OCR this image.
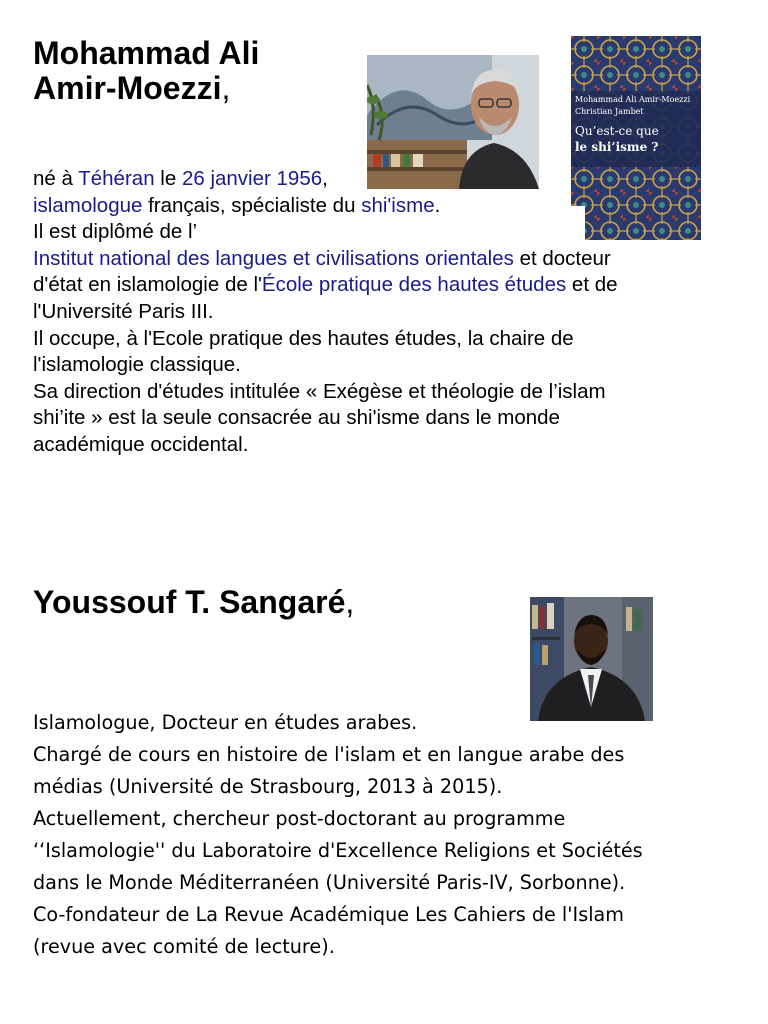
Mohammad Ali
Amir-Moezzi,	Mohammad Ali Amir-Moezzi
Christian Jambet
Qu’est-ce que
le shi’isme ?

né à Téhéran le 26 janvier 1956,

islamologue français, spécialiste du shi'isme.

Il est diplômé de l’

Institut national des langues et civilisations orientales et docteur

d'état en islamologie de l'École pratique des hautes études et de

l'Université Paris III.

Il occupe, à l'Ecole pratique des hautes études, la chaire de

l'islamologie classique.

Sa direction d'études intitulée « Exégèse et théologie de l’islam

shi’ite » est la seule consacrée au shi'isme dans le monde

académique occidental.

Youssouf T. Sangaré,

Islamologue, Docteur en études arabes.

Chargé de cours en histoire de l'islam et en langue arabe des

médias (Université de Strasbourg, 2013 à 2015).

Actuellement, chercheur post-doctorant au programme

‘‘Islamologie'' du Laboratoire d'Excellence Religions et Sociétés

dans le Monde Méditerranéen (Université Paris-IV, Sorbonne).

Co-fondateur de La Revue Académique Les Cahiers de l'Islam

(revue avec comité de lecture).
